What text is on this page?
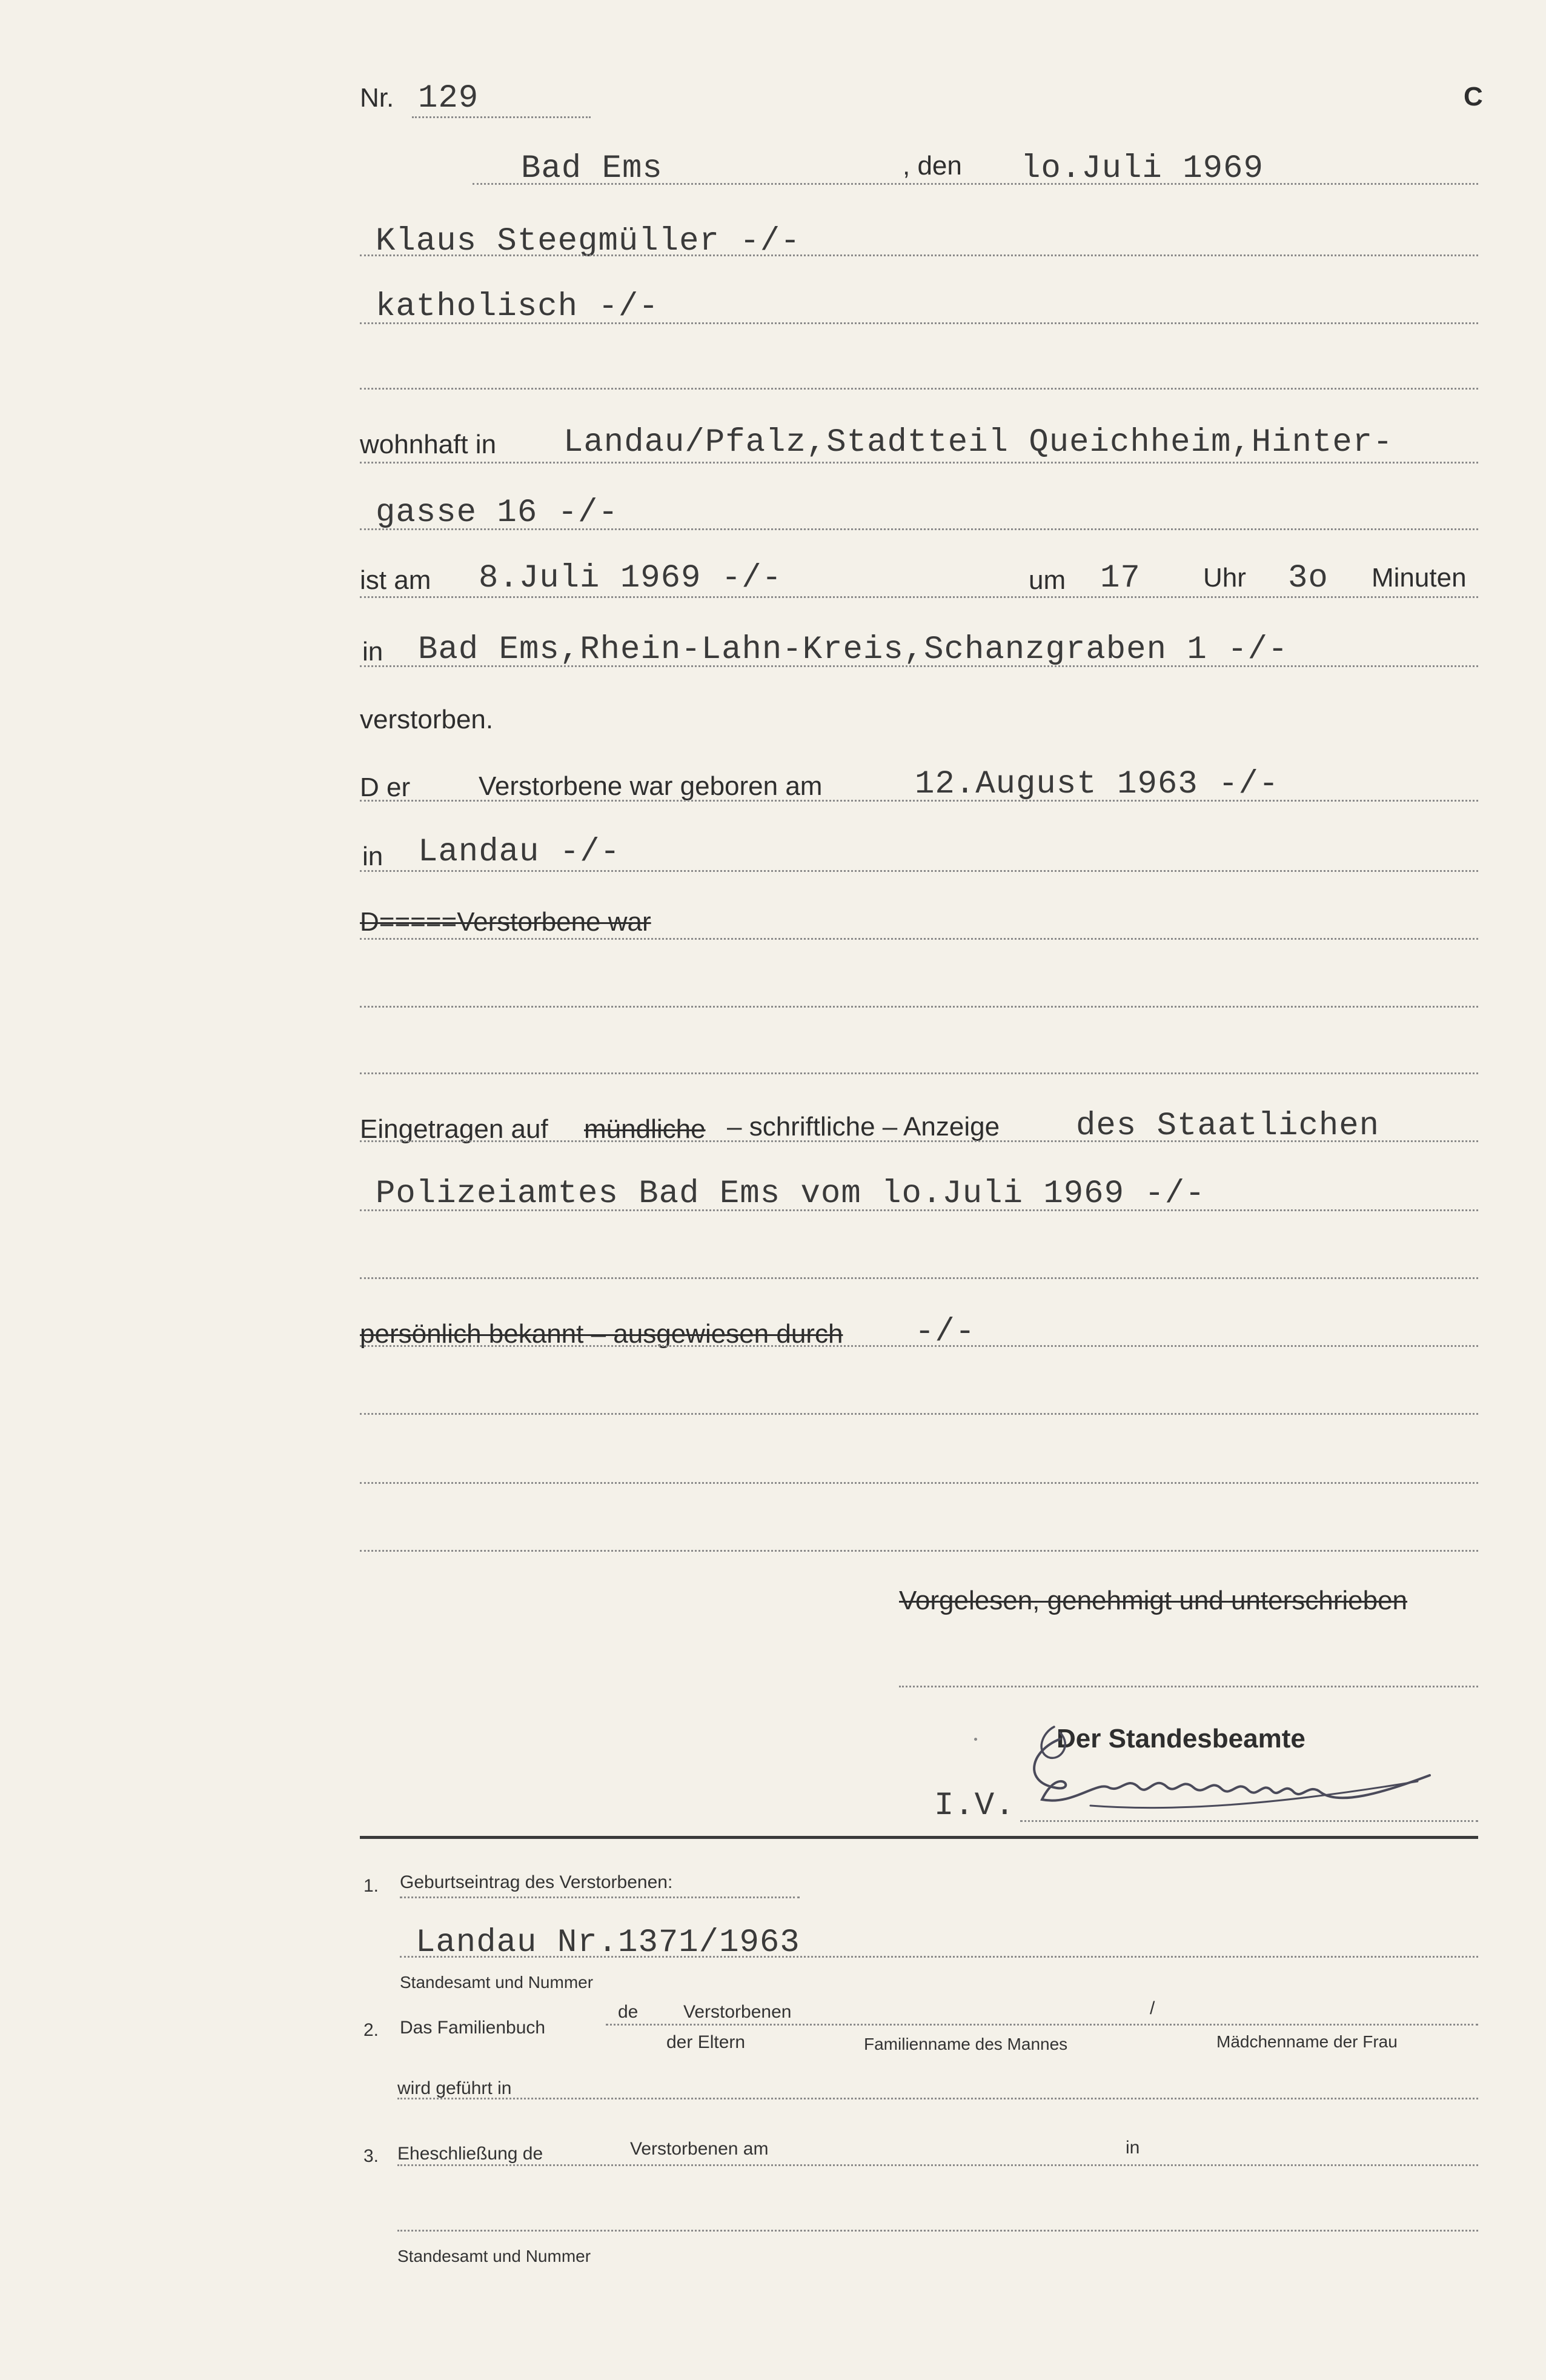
Nr. 129	C
Bad Ems	, den lo.Juli 1969
Klaus Steegmüller -/-
katholisch -/-
wohnhaft in Landau/Pfalz,Stadtteil Queichheim,Hinter-
gasse 16 -/-
ist am 8.Juli 1969 -/-	um 17 Uhr 3o Minuten
in Bad Ems,Rhein-Lahn-Kreis,Schanzgraben 1 -/-
verstorben.
D er	Verstorbene war geboren am	12.August 1963 -/-
in Landau -/-
D=====Verstorbene war
Eingetragen auf mündliche – schriftliche – Anzeige des Staatlichen
Polizeiamtes Bad Ems vom lo.Juli 1969 -/-
persönlich bekannt – ausgewiesen durch -/-
Vorgelesen, genehmigt und unterschrieben
Der Standesbeamte
I.V.
1. Geburtseintrag des Verstorbenen:
Landau Nr.1371/1963
Standesamt und Nummer
2. Das Familienbuch
de Verstorbenen
der Eltern
/
Familienname des Mannes	Mädchenname der Frau
wird geführt in
3. Eheschließung de	Verstorbenen am	in
Standesamt und Nummer
